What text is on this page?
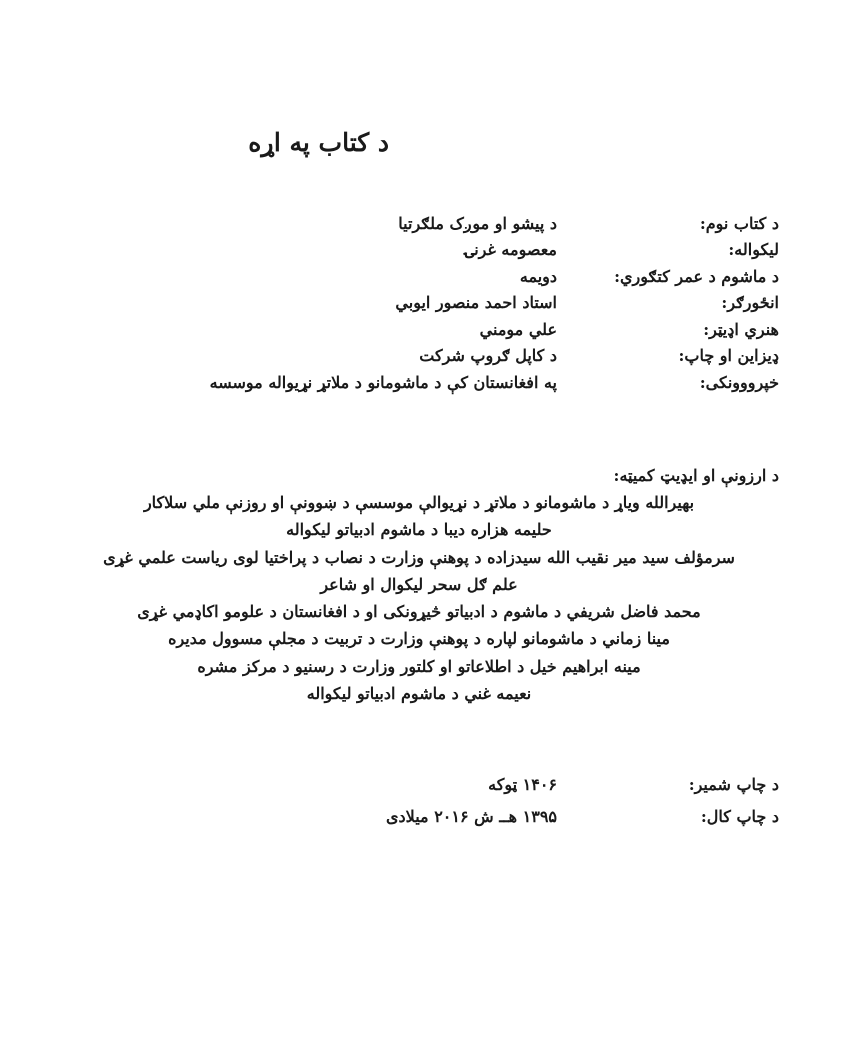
د کتاب په اړه
د کتاب نوم:
د پیشو او موږک ملګرتیا
لیکواله:
معصومه غرنۍ
د ماشوم د عمر کتګوري:
دویمه
انځورګر:
استاد احمد منصور ایوبي
هنري اډیټر:
علي مومني
ډیزاین او چاپ:
د کاپل ګروپ شرکت
خپرووونکی:
په افغانستان کې د ماشومانو د ملاتړ نړیواله موسسه

د ارزونې او ایډیټ کمیټه:

بهیرالله ویاړ د ماشومانو د ملاتړ د نړیوالې موسسې د ښوونې او روزنې ملي سلاکار
حلیمه هزاره دیبا د ماشوم ادبیاتو لیکواله
سرمؤلف سید میر نقیب الله سیدزاده د پوهنې وزارت د نصاب د پراختیا لوی ریاست علمي غړی
علم ګل سحر لیکوال او شاعر
محمد فاضل شریفي د ماشوم د ادبیاتو څیړونکی او د افغانستان د علومو اکاډمي غړی
مینا زماني د ماشومانو لپاره د پوهنې وزارت د تربیت د مجلې مسوول مدیره
مینه ابراهیم خیل د اطلاعاتو او کلتور وزارت د رسنیو د مرکز مشره
نعیمه غني د ماشوم ادبیاتو لیکواله
د چاپ شمیر:
۱۴۰۶ ټوکه
د چاپ کال:
۱۳۹۵ هــ ش ۲۰۱۶ میلادی
